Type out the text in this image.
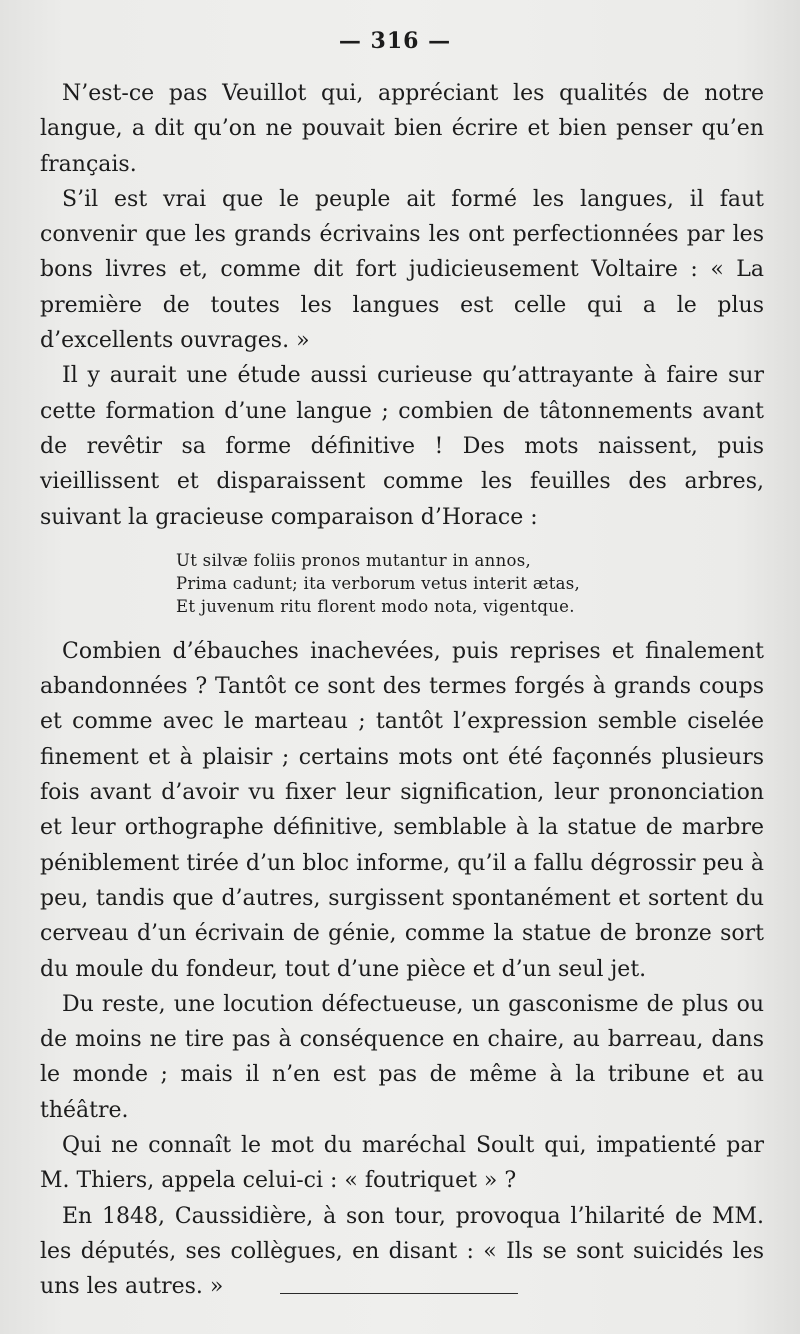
— 316 —

N’est-ce pas Veuillot qui, appréciant les qualités de notre langue, a dit qu’on ne pouvait bien écrire et bien penser qu’en français.

S’il est vrai que le peuple ait formé les langues, il faut convenir que les grands écrivains les ont perfectionnées par les bons livres et, comme dit fort judicieusement Voltaire : « La première de toutes les langues est celle qui a le plus d’excellents ouvrages. »

Il y aurait une étude aussi curieuse qu’attrayante à faire sur cette formation d’une langue ; combien de tâtonnements avant de revêtir sa forme définitive ! Des mots naissent, puis vieillissent et disparaissent comme les feuilles des arbres, suivant la gracieuse comparaison d’Horace :

Ut silvæ foliis pronos mutantur in annos,
Prima cadunt; ita verborum vetus interit ætas,
Et juvenum ritu florent modo nota, vigentque.

Combien d’ébauches inachevées, puis reprises et finalement abandonnées ? Tantôt ce sont des termes forgés à grands coups et comme avec le marteau ; tantôt l’expression semble ciselée finement et à plaisir ; certains mots ont été façonnés plusieurs fois avant d’avoir vu fixer leur signification, leur prononciation et leur orthographe définitive, semblable à la statue de marbre péniblement tirée d’un bloc informe, qu’il a fallu dégrossir peu à peu, tandis que d’autres, surgissent spontanément et sortent du cerveau d’un écrivain de génie, comme la statue de bronze sort du moule du fondeur, tout d’une pièce et d’un seul jet.

Du reste, une locution défectueuse, un gasconisme de plus ou de moins ne tire pas à conséquence en chaire, au barreau, dans le monde ; mais il n’en est pas de même à la tribune et au théâtre.

Qui ne connaît le mot du maréchal Soult qui, impatienté par M. Thiers, appela celui-ci : « foutriquet » ?

En 1848, Caussidière, à son tour, provoqua l’hilarité de MM. les députés, ses collègues, en disant : « Ils se sont suicidés les uns les autres. »
